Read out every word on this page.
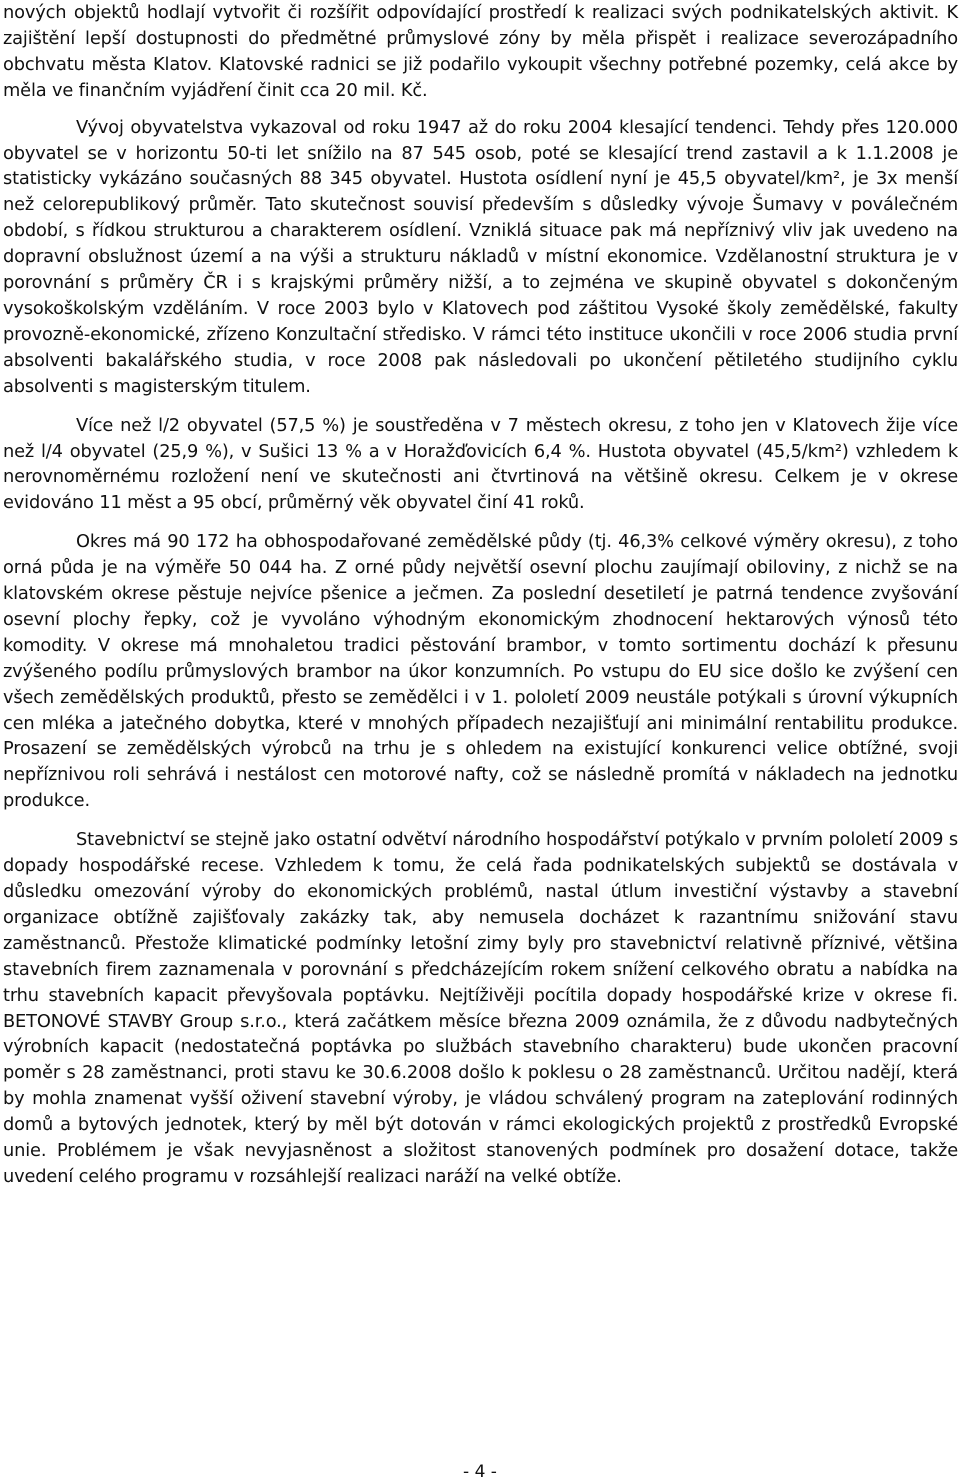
nových objektů hodlají vytvořit či rozšířit odpovídající prostředí k realizaci svých podnikatelských aktivit. K zajištění lepší dostupnosti do předmětné průmyslové zóny by měla přispět i realizace severozápadního obchvatu města Klatov. Klatovské radnici se již podařilo vykoupit všechny potřebné pozemky, celá akce by měla ve finančním vyjádření činit cca 20 mil. Kč.

Vývoj obyvatelstva vykazoval od roku 1947 až do roku 2004 klesající tendenci. Tehdy přes 120.000 obyvatel se v horizontu 50-ti let snížilo na 87 545 osob, poté se klesající trend zastavil a k 1.1.2008 je statisticky vykázáno současných 88 345 obyvatel. Hustota osídlení nyní je 45,5 obyvatel/km², je 3x menší než celorepublikový průměr. Tato skutečnost souvisí především s důsledky vývoje Šumavy v poválečném období, s řídkou strukturou a charakterem osídlení. Vzniklá situace pak má nepříznivý vliv jak uvedeno na dopravní obslužnost území a na výši a strukturu nákladů v místní ekonomice. Vzdělanostní struktura je v porovnání s průměry ČR i s krajskými průměry nižší, a to zejména ve skupině obyvatel s dokončeným vysokoškolským vzděláním. V roce 2003 bylo v Klatovech pod záštitou Vysoké školy zemědělské, fakulty provozně-ekonomické, zřízeno Konzultační středisko. V rámci této instituce ukončili v roce 2006 studia první absolventi bakalářského studia, v roce 2008 pak následovali po ukončení pětiletého studijního cyklu absolventi s magisterským titulem.

Více než l/2 obyvatel (57,5 %) je soustředěna v 7 městech okresu, z toho jen v Klatovech žije více než l/4 obyvatel (25,9 %), v Sušici 13 % a v Horažďovicích 6,4 %. Hustota obyvatel (45,5/km²) vzhledem k nerovnoměrnému rozložení není ve skutečnosti ani čtvrtinová na většině okresu. Celkem je v okrese evidováno 11 měst a 95 obcí, průměrný věk obyvatel činí 41 roků.

Okres má 90 172 ha obhospodařované zemědělské půdy (tj. 46,3% celkové výměry okresu), z toho orná půda je na výměře 50 044 ha. Z orné půdy největší osevní plochu zaujímají obiloviny, z nichž se na klatovském okrese pěstuje nejvíce pšenice a ječmen. Za poslední desetiletí je patrná tendence zvyšování osevní plochy řepky, což je vyvoláno výhodným ekonomickým zhodnocení hektarových výnosů této komodity. V okrese má mnohaletou tradici pěstování brambor, v tomto sortimentu dochází k přesunu zvýšeného podílu průmyslových brambor na úkor konzumních. Po vstupu do EU sice došlo ke zvýšení cen všech zemědělských produktů, přesto se zemědělci i v 1. pololetí 2009 neustále potýkali s úrovní výkupních cen mléka a jatečného dobytka, které v mnohých případech nezajišťují ani minimální rentabilitu produkce. Prosazení se zemědělských výrobců na trhu je s ohledem na existující konkurenci velice obtížné, svoji nepříznivou roli sehrává i nestálost cen motorové nafty, což se následně promítá v nákladech na jednotku produkce.

Stavebnictví se stejně jako ostatní odvětví národního hospodářství potýkalo v prvním pololetí 2009 s dopady hospodářské recese. Vzhledem k tomu, že celá řada podnikatelských subjektů se dostávala v důsledku omezování výroby do ekonomických problémů, nastal útlum investiční výstavby a stavební organizace obtížně zajišťovaly zakázky tak, aby nemusela docházet k razantnímu snižování stavu zaměstnanců. Přestože klimatické podmínky letošní zimy byly pro stavebnictví relativně příznivé, většina stavebních firem zaznamenala v porovnání s předcházejícím rokem snížení celkového obratu a nabídka na trhu stavebních kapacit převyšovala poptávku. Nejtíživěji pocítila dopady hospodářské krize v okrese fi. BETONOVÉ STAVBY Group s.r.o., která začátkem měsíce března 2009 oznámila, že z důvodu nadbytečných výrobních kapacit (nedostatečná poptávka po službách stavebního charakteru) bude ukončen pracovní poměr s 28 zaměstnanci, proti stavu ke 30.6.2008 došlo k poklesu o 28 zaměstnanců. Určitou nadějí, která by mohla znamenat vyšší oživení stavební výroby, je vládou schválený program na zateplování rodinných domů a bytových jednotek, který by měl být dotován v rámci ekologických projektů z prostředků Evropské unie. Problémem je však nevyjasněnost a složitost stanovených podmínek pro dosažení dotace, takže uvedení celého programu v rozsáhlejší realizaci naráží na velké obtíže.

- 4 -
